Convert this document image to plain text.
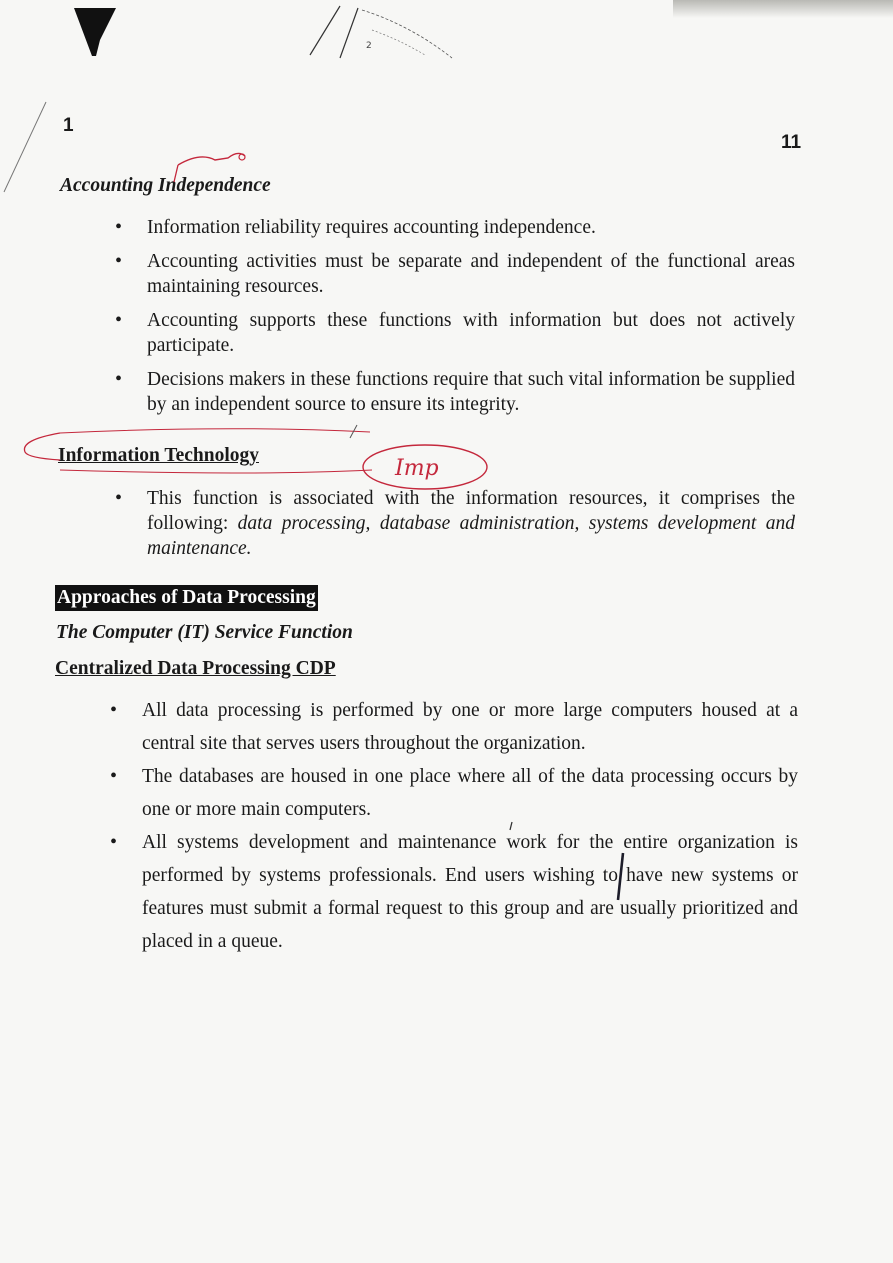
2
1
11
Accounting Independence
• Information reliability requires accounting independence.
• Accounting activities must be separate and independent of the functional areas maintaining resources.
• Accounting supports these functions with information but does not actively participate.
• Decisions makers in these functions require that such vital information be supplied by an independent source to ensure its integrity.
Information Technology
• This function is associated with the information resources, it comprises the following: data processing, database administration, systems development and maintenance.
Approaches of Data Processing
The Computer (IT) Service Function
Centralized Data Processing CDP
• All data processing is performed by one or more large computers housed at a central site that serves users throughout the organization.
• The databases are housed in one place where all of the data processing occurs by one or more main computers.
• All systems development and maintenance work for the entire organization is performed by systems professionals. End users wishing to have new systems or features must submit a formal request to this group and are usually prioritized and placed in a queue.
Imp
